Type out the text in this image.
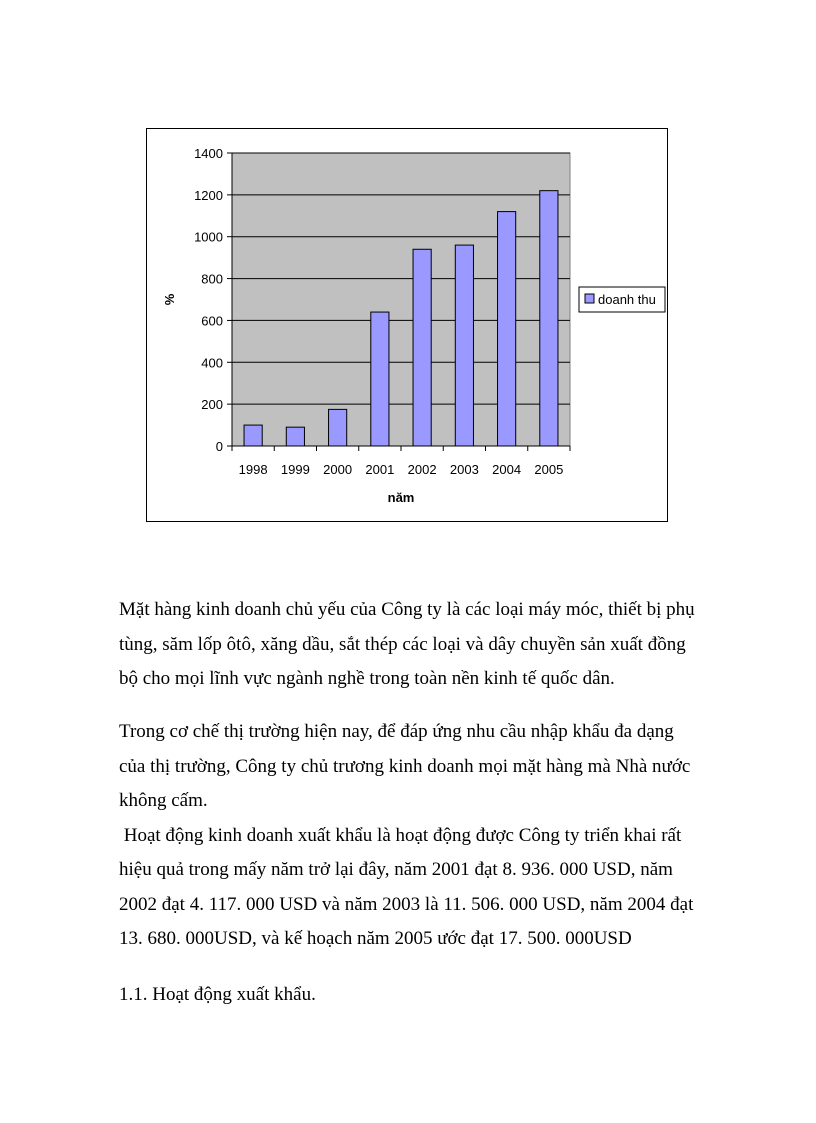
0
200
400
600
800
1000
1200
1400
1998 1999 2000 2001 2002 2003 2004 2005
năm
%	doanh thu
Mặt hàng kinh doanh chủ yếu của Công ty là các loại máy móc, thiết bị phụ
tùng, săm lốp ôtô, xăng dầu, sắt thép các loại và dây chuyền sản xuất đồng
bộ cho mọi lĩnh vực ngành nghề trong toàn nền kinh tế quốc dân.
Trong cơ chế thị trường hiện nay, để đáp ứng nhu cầu nhập khẩu đa dạng
của thị trường, Công ty chủ trương kinh doanh mọi mặt hàng mà Nhà nước
không cấm.
Hoạt động kinh doanh xuất khẩu là hoạt động được Công ty triển khai rất
hiệu quả trong mấy năm trở lại đây, năm 2001 đạt 8. 936. 000 USD, năm
2002 đạt 4. 117. 000 USD và năm 2003 là 11. 506. 000 USD, năm 2004 đạt
13. 680. 000USD, và kế hoạch năm 2005 ước đạt 17. 500. 000USD
1.1. Hoạt động xuất khẩu.
